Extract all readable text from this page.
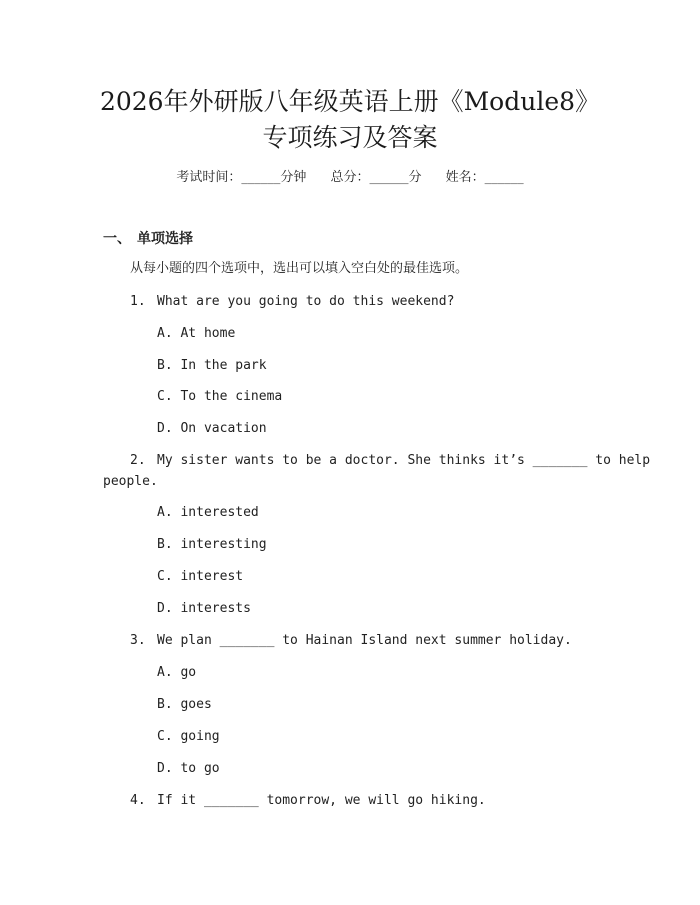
2026年外研版八年级英语上册《Module8》
专项练习及答案
考试时间：______分钟 总分：______分 姓名：______
一、 单项选择
从每小题的四个选项中，选出可以填入空白处的最佳选项。
1. What are you going to do this weekend?
A. At home
B. In the park
C. To the cinema
D. On vacation
2. My sister wants to be a doctor. She thinks it’s _______ to help
people.
A. interested
B. interesting
C. interest
D. interests
3. We plan _______ to Hainan Island next summer holiday.
A. go
B. goes
C. going
D. to go
4. If it _______ tomorrow, we will go hiking.
